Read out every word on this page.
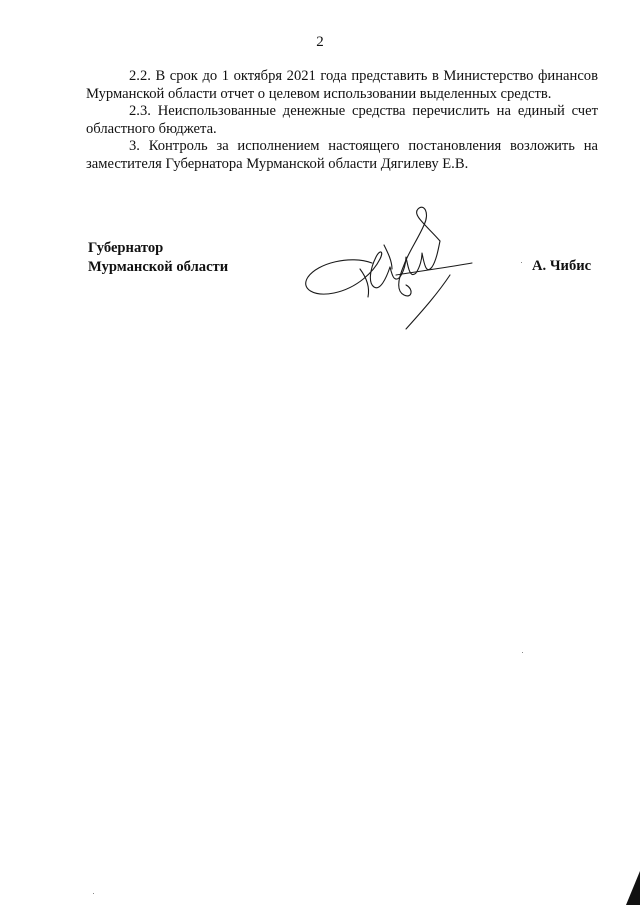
2

2.2. В срок до 1 октября 2021 года представить в Министерство финансов Мурманской области отчет о целевом использовании выделенных средств.

2.3. Неиспользованные денежные средства перечислить на единый счет областного бюджета.

3. Контроль за исполнением настоящего постановления возложить на заместителя Губернатора Мурманской области Дягилеву Е.В.

Губернатор
Мурманской области	А. Чибис
